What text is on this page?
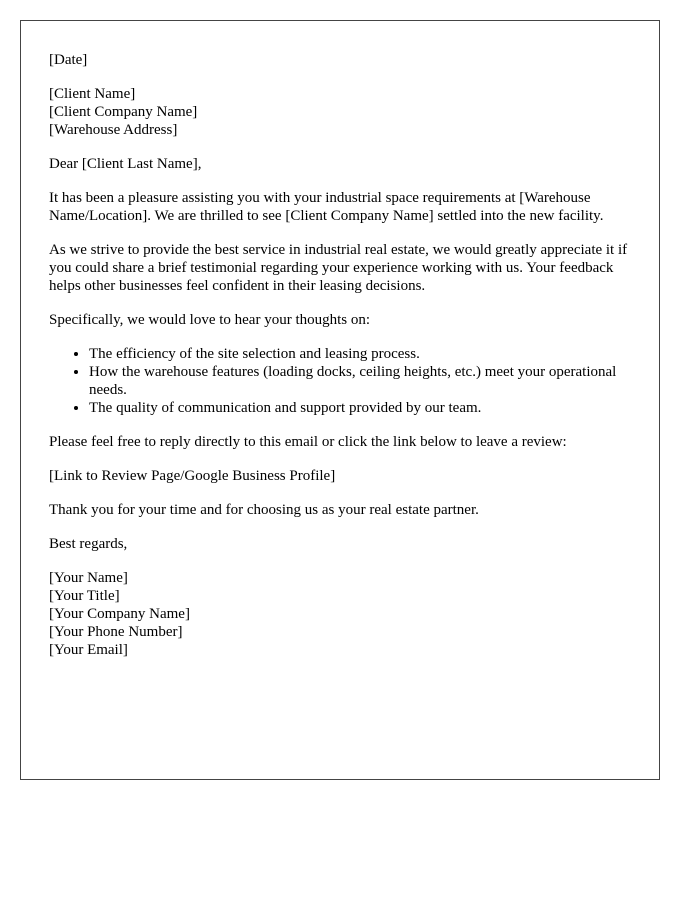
[Date]
[Client Name]
[Client Company Name]
[Warehouse Address]
Dear [Client Last Name],
It has been a pleasure assisting you with your industrial space requirements at [Warehouse Name/Location]. We are thrilled to see [Client Company Name] settled into the new facility.
As we strive to provide the best service in industrial real estate, we would greatly appreciate it if you could share a brief testimonial regarding your experience working with us. Your feedback helps other businesses feel confident in their leasing decisions.
Specifically, we would love to hear your thoughts on:
• The efficiency of the site selection and leasing process.
• How the warehouse features (loading docks, ceiling heights, etc.) meet your operational needs.
• The quality of communication and support provided by our team.
Please feel free to reply directly to this email or click the link below to leave a review:
[Link to Review Page/Google Business Profile]
Thank you for your time and for choosing us as your real estate partner.
Best regards,
[Your Name]
[Your Title]
[Your Company Name]
[Your Phone Number]
[Your Email]
